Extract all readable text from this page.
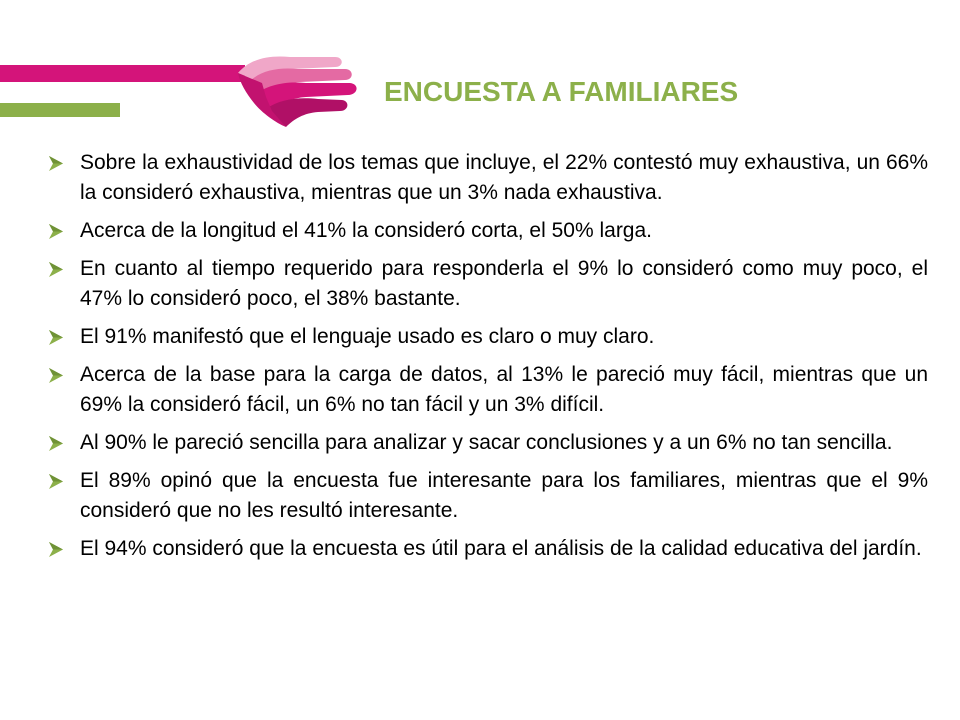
ENCUESTA A FAMILIARES
Sobre la exhaustividad de los temas que incluye, el 22% contestó muy exhaustiva, un 66% la consideró exhaustiva, mientras que un 3% nada exhaustiva.
Acerca de la longitud el 41% la consideró corta, el 50% larga.
En cuanto al tiempo requerido para responderla el 9% lo consideró como muy poco, el 47% lo consideró poco, el 38% bastante.
El 91% manifestó que el lenguaje usado es claro o muy claro.
Acerca de la base para la carga de datos, al 13% le pareció muy fácil, mientras que un 69% la consideró fácil, un 6% no tan fácil y un 3% difícil.
Al 90% le pareció sencilla para analizar y sacar conclusiones y a un 6% no tan sencilla.
El 89% opinó que la encuesta fue interesante para los familiares, mientras que el 9% consideró que no les resultó interesante.
El 94% consideró que la encuesta es útil para el análisis de la calidad educativa del jardín.
